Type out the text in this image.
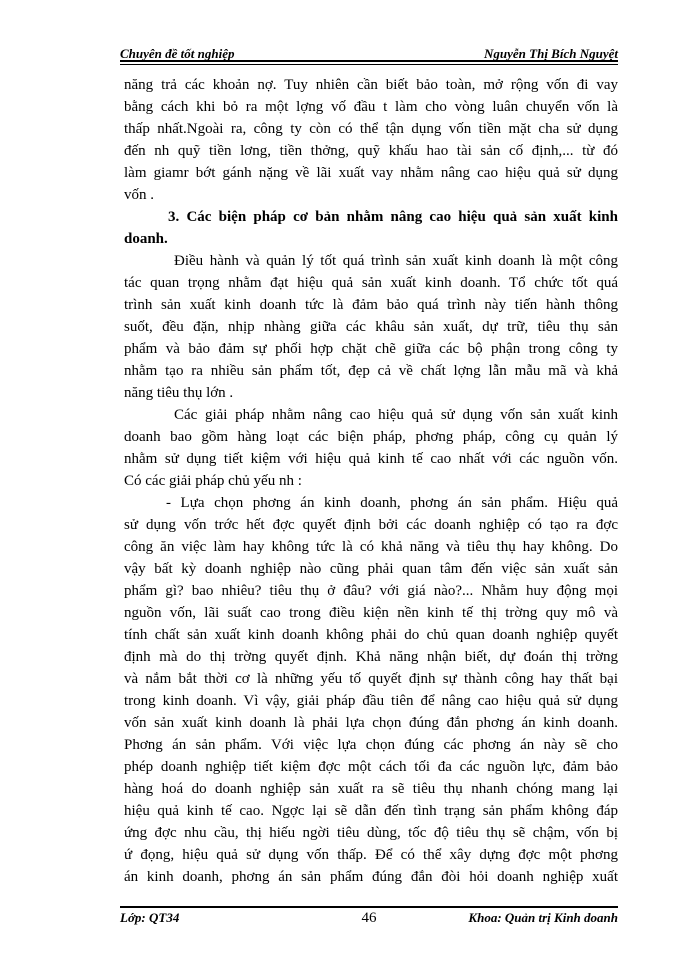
Chuyên đề tốt nghiệp	Nguyễn Thị Bích Nguyệt
năng trả các khoản nợ. Tuy nhiên cần biết bảo toàn, mở rộng vốn đi vay
bằng cách khi bỏ ra một lợng vố đầu t làm cho vòng luân chuyển vốn là
thấp nhất.Ngoài ra, công ty còn có thể tận dụng vốn tiền mặt cha sử dụng
đến nh quỹ tiền lơng, tiền thởng, quỹ khấu hao tài sản cố định,... từ đó
làm giamr bớt gánh nặng về lãi xuất vay nhằm nâng cao hiệu quả sử dụng
vốn .
3. Các biện pháp cơ bản nhằm nâng cao hiệu quả sản xuất kinh
doanh.
Điều hành và quản lý tốt quá trình sản xuất kinh doanh là một công
tác quan trọng nhằm đạt hiệu quả sản xuất kinh doanh. Tổ chức tốt quá
trình sản xuất kinh doanh tức là đảm bảo quá trình này tiến hành thông
suốt, đều đặn, nhịp nhàng giữa các khâu sản xuất, dự trữ, tiêu thụ sản
phẩm và bảo đảm sự phối hợp chặt chẽ giữa các bộ phận trong công ty
nhằm tạo ra nhiều sản phẩm tốt, đẹp cả về chất lợng lẫn mẫu mã và khả
năng tiêu thụ lớn .
Các giải pháp nhằm nâng cao hiệu quả sử dụng vốn sản xuất kinh
doanh bao gồm hàng loạt các biện pháp, phơng pháp, công cụ quản lý
nhằm sử dụng tiết kiệm với hiệu quả kinh tế cao nhất với các nguồn vốn.
Có các giải pháp chủ yếu nh :
- Lựa chọn phơng án kinh doanh, phơng án sản phẩm. Hiệu quả
sử dụng vốn trớc hết đợc quyết định bởi các doanh nghiệp có tạo ra đợc
công ăn việc làm hay không tức là có khả năng và tiêu thụ hay không. Do
vậy bất kỳ doanh nghiệp nào cũng phải quan tâm đến việc sản xuất sản
phẩm gì? bao nhiêu? tiêu thụ ở đâu? với giá nào?... Nhằm huy động mọi
nguồn vốn, lãi suất cao trong điều kiện nền kinh tế thị trờng quy mô và
tính chất sản xuất kinh doanh không phải do chủ quan doanh nghiệp quyết
định mà do thị trờng quyết định. Khả năng nhận biết, dự đoán thị trờng
và nắm bắt thời cơ là những yếu tố quyết định sự thành công hay thất bại
trong kinh doanh. Vì vậy, giải pháp đầu tiên để nâng cao hiệu quả sử dụng
vốn sản xuất kinh doanh là phải lựa chọn đúng đắn phơng án kinh doanh.
Phơng án sản phẩm. Với việc lựa chọn đúng các phơng án này sẽ cho
phép doanh nghiệp tiết kiệm đợc một cách tối đa các nguồn lực, đảm bảo
hàng hoá do doanh nghiệp sản xuất ra sẽ tiêu thụ nhanh chóng mang lại
hiệu quả kinh tế cao. Ngợc lại sẽ dẫn đến tình trạng sản phẩm không đáp
ứng đợc nhu cầu, thị hiếu ngời tiêu dùng, tốc độ tiêu thụ sẽ chậm, vốn bị
ứ đọng, hiệu quả sử dụng vốn thấp. Để có thể xây dựng đợc một phơng
án kinh doanh, phơng án sản phẩm đúng đắn đòi hỏi doanh nghiệp xuất
Lớp: QT34	46	Khoa: Quản trị Kinh doanh
